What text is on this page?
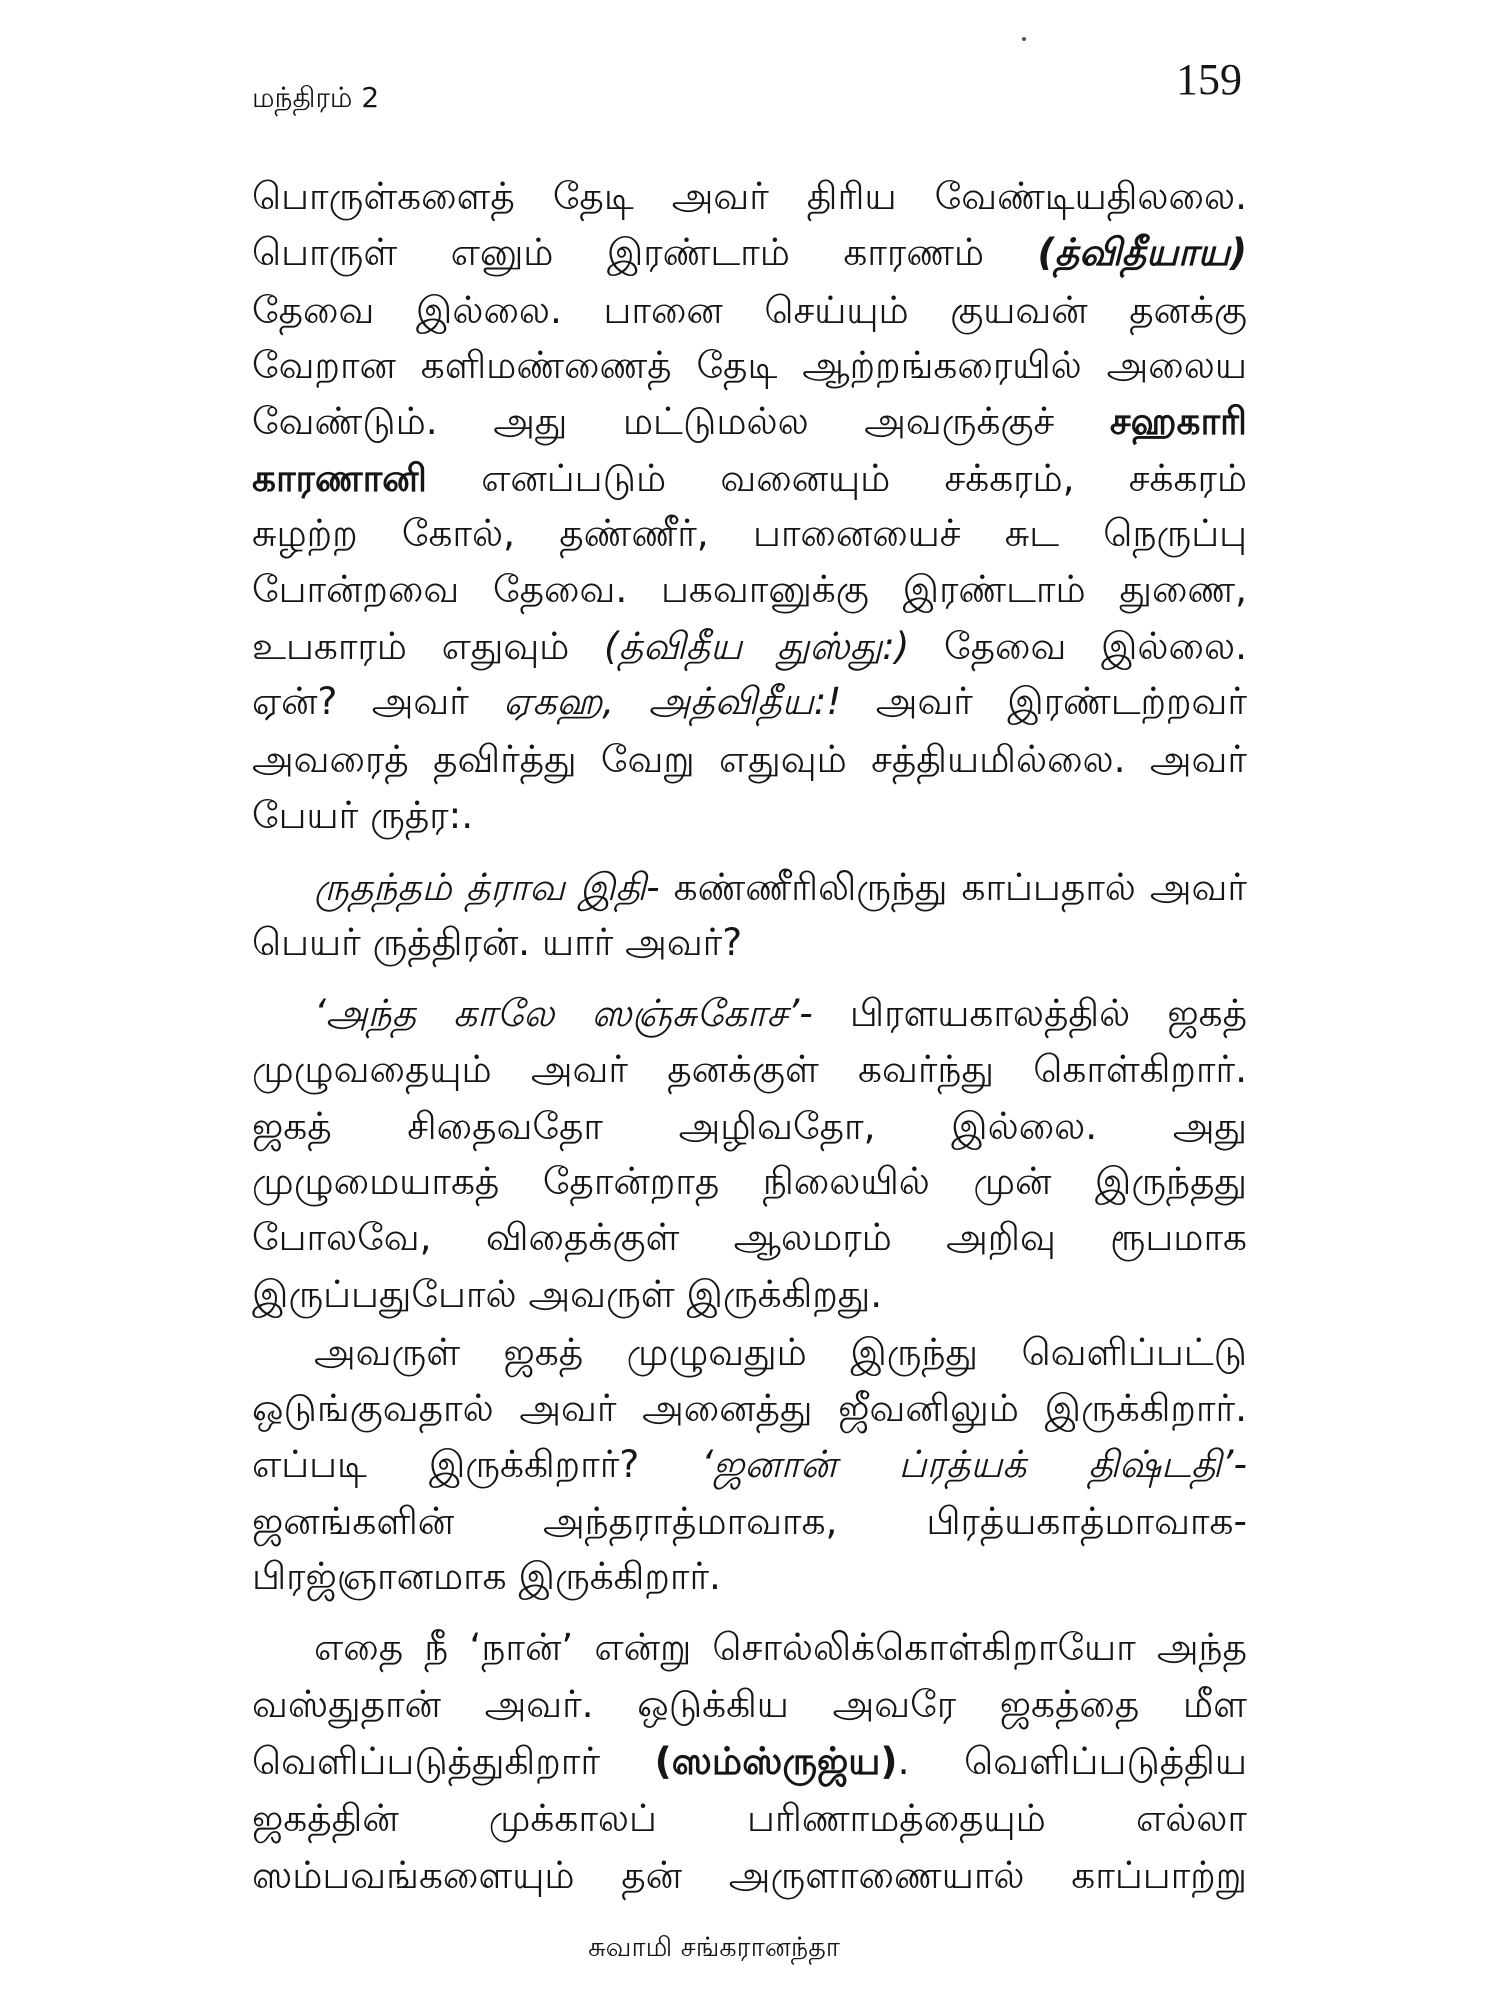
மந்திரம் 2	159
பொருள்களைத் தேடி அவர் திரிய வேண்டியதிலலை.
பொருள் எனும் இரண்டாம் காரணம் (த்விதீயாய)
தேவை இல்லை. பானை செய்யும் குயவன் தனக்கு
வேறான களிமண்ணைத் தேடி ஆற்றங்கரையில் அலைய
வேண்டும். அது மட்டுமல்ல அவருக்குச் சஹகாரி
காரணானி எனப்படும் வனையும் சக்கரம், சக்கரம்
சுழற்ற கோல், தண்ணீர், பானையைச் சுட நெருப்பு
போன்றவை தேவை. பகவானுக்கு இரண்டாம் துணை,
உபகாரம் எதுவும் (த்விதீய துஸ்து:) தேவை இல்லை.
ஏன்? அவர் ஏகஹ, அத்விதீய:! அவர் இரண்டற்றவர்
அவரைத் தவிர்த்து வேறு எதுவும் சத்தியமில்லை. அவர்
பேயர் ருத்ர:.
ருதந்தம் த்ராவ இதி- கண்ணீரிலிருந்து காப்பதால் அவர்
பெயர் ருத்திரன். யார் அவர்?
‘அந்த காலே ஸஞ்சுகோச’- பிரளயகாலத்தில் ஜகத்
முழுவதையும் அவர் தனக்குள் கவர்ந்து கொள்கிறார்.
ஜகத் சிதைவதோ அழிவதோ, இல்லை. அது
முழுமையாகத் தோன்றாத நிலையில் முன் இருந்தது
போலவே, விதைக்குள் ஆலமரம் அறிவு ரூபமாக
இருப்பதுபோல் அவருள் இருக்கிறது.
அவருள் ஜகத் முழுவதும் இருந்து வெளிப்பட்டு
ஒடுங்குவதால் அவர் அனைத்து ஜீவனிலும் இருக்கிறார்.
எப்படி இருக்கிறார்? ‘ஜனான் ப்ரத்யக் திஷ்டதி’-
ஜனங்களின் அந்தராத்மாவாக, பிரத்யகாத்மாவாக-
பிரஜ்ஞானமாக இருக்கிறார்.
எதை நீ ‘நான்’ என்று சொல்லிக்கொள்கிறாயோ அந்த
வஸ்துதான் அவர். ஒடுக்கிய அவரே ஜகத்தை மீள
வெளிப்படுத்துகிறார் (ஸம்ஸ்ருஜ்ய). வெளிப்படுத்திய
ஜகத்தின் முக்காலப் பரிணாமத்தையும் எல்லா
ஸம்பவங்களையும் தன் அருளாணையால் காப்பாற்று
சுவாமி சங்கரானந்தா
